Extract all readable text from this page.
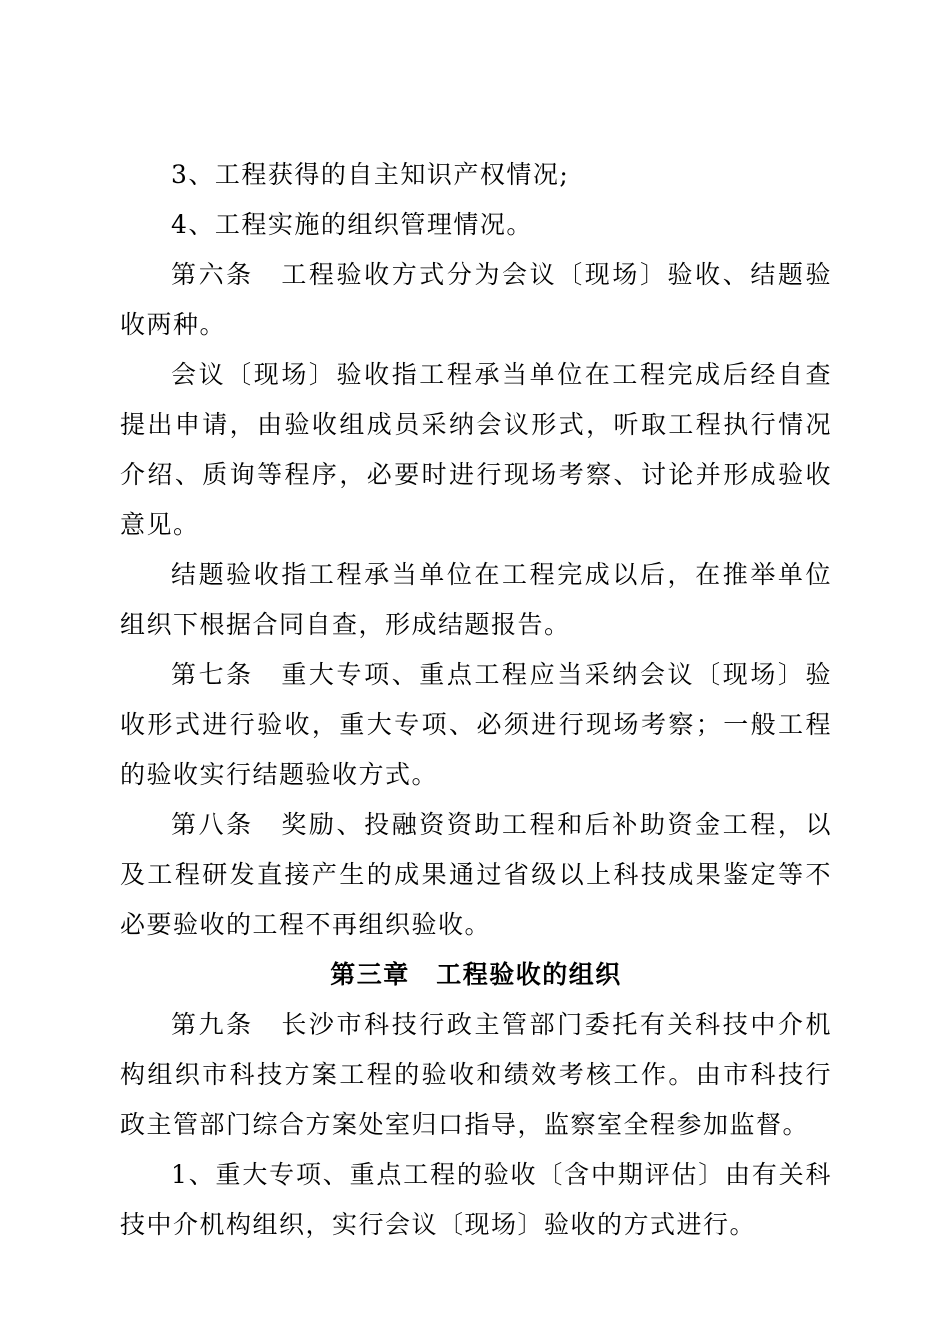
3、工程获得的自主知识产权情况;

4、工程实施的组织管理情况。

第六条　工程验收方式分为会议〔现场〕验收、结题验收两种。

会议〔现场〕验收指工程承当单位在工程完成后经自查提出申请，由验收组成员采纳会议形式，听取工程执行情况介绍、质询等程序，必要时进行现场考察、讨论并形成验收意见。

结题验收指工程承当单位在工程完成以后，在推举单位组织下根据合同自查，形成结题报告。

第七条　重大专项、重点工程应当采纳会议〔现场〕验收形式进行验收，重大专项、必须进行现场考察；一般工程的验收实行结题验收方式。

第八条　奖励、投融资资助工程和后补助资金工程，以及工程研发直接产生的成果通过省级以上科技成果鉴定等不必要验收的工程不再组织验收。

第三章　工程验收的组织

第九条　长沙市科技行政主管部门委托有关科技中介机构组织市科技方案工程的验收和绩效考核工作。由市科技行政主管部门综合方案处室归口指导，监察室全程参加监督。

1、重大专项、重点工程的验收〔含中期评估〕由有关科技中介机构组织，实行会议〔现场〕验收的方式进行。
